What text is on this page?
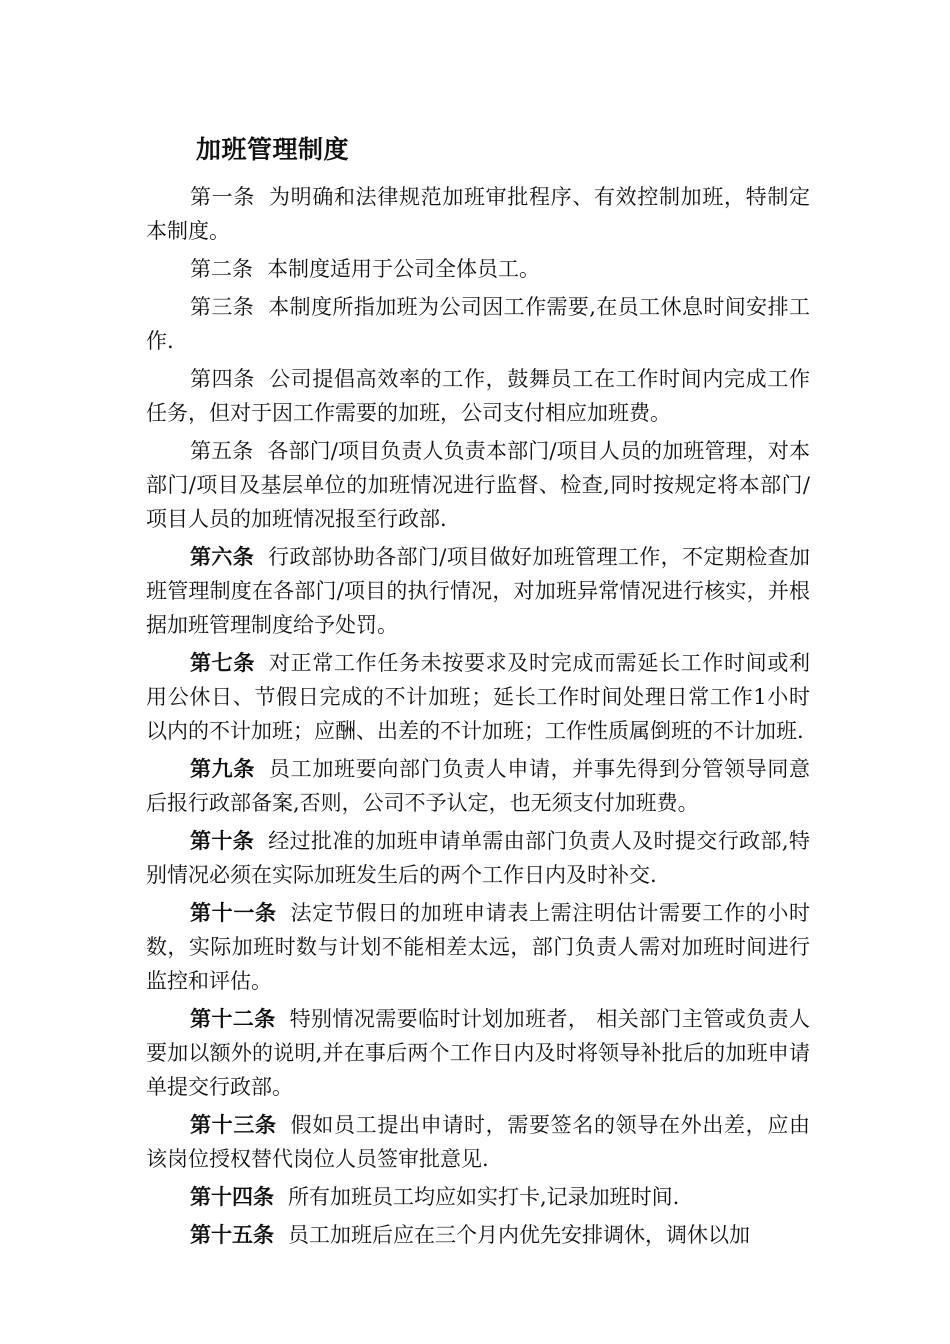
加班管理制度

第一条 为明确和法律规范加班审批程序、有效控制加班，特制定本制度。

第二条 本制度适用于公司全体员工。

第三条 本制度所指加班为公司因工作需要,在员工休息时间安排工作.

第四条 公司提倡高效率的工作，鼓舞员工在工作时间内完成工作任务，但对于因工作需要的加班，公司支付相应加班费。

第五条 各部门/项目负责人负责本部门/项目人员的加班管理，对本部门/项目及基层单位的加班情况进行监督、检查,同时按规定将本部门/项目人员的加班情况报至行政部.

第六条 行政部协助各部门/项目做好加班管理工作，不定期检查加班管理制度在各部门/项目的执行情况，对加班异常情况进行核实，并根据加班管理制度给予处罚。

第七条 对正常工作任务未按要求及时完成而需延长工作时间或利用公休日、节假日完成的不计加班；延长工作时间处理日常工作1小时以内的不计加班；应酬、出差的不计加班；工作性质属倒班的不计加班.

第九条 员工加班要向部门负责人申请，并事先得到分管领导同意后报行政部备案,否则，公司不予认定，也无须支付加班费。

第十条 经过批准的加班申请单需由部门负责人及时提交行政部,特别情况必须在实际加班发生后的两个工作日内及时补交.

第十一条 法定节假日的加班申请表上需注明估计需要工作的小时数，实际加班时数与计划不能相差太远，部门负责人需对加班时间进行监控和评估。

第十二条 特别情况需要临时计划加班者， 相关部门主管或负责人要加以额外的说明,并在事后两个工作日内及时将领导补批后的加班申请单提交行政部。

第十三条 假如员工提出申请时，需要签名的领导在外出差，应由该岗位授权替代岗位人员签审批意见.

第十四条 所有加班员工均应如实打卡,记录加班时间.

第十五条 员工加班后应在三个月内优先安排调休，调休以加
